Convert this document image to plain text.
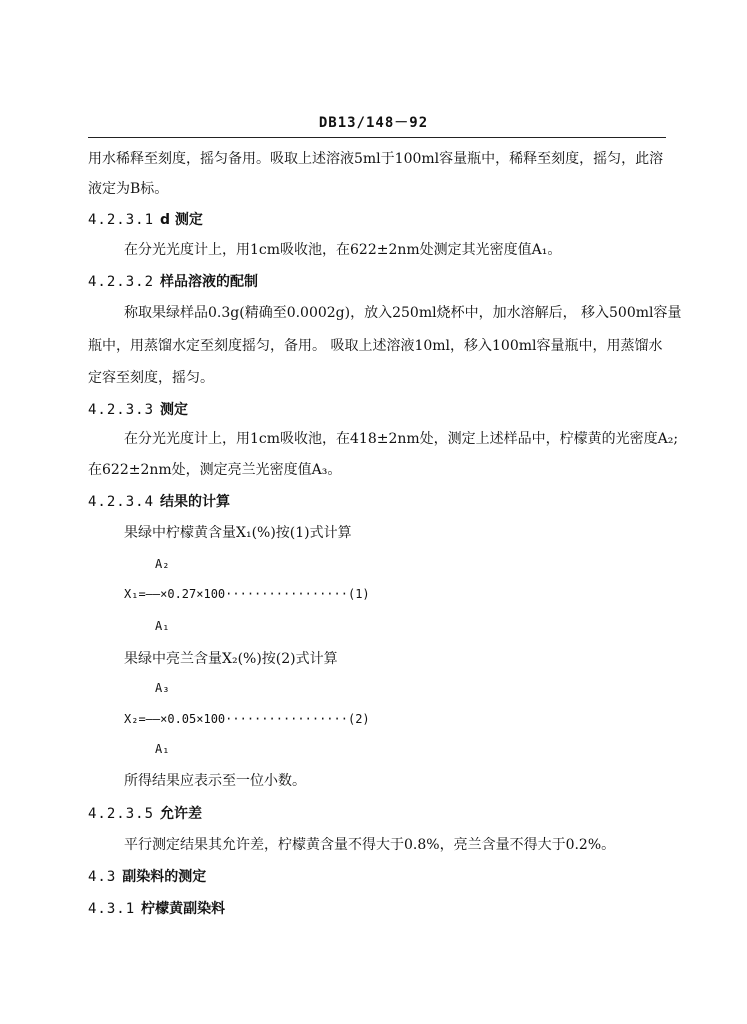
DB13/148－92
用水稀释至刻度，摇匀备用。吸取上述溶液5ml于100ml容量瓶中，稀释至刻度，摇匀，此溶
液定为B标。
4.2.3.1 d 测定
在分光光度计上，用1cm吸收池，在622±2nm处测定其光密度值A₁。
4.2.3.2 样品溶液的配制
称取果绿样品0.3g(精确至0.0002g)，放入250ml烧杯中，加水溶解后， 移入500ml容量
瓶中，用蒸馏水定至刻度摇匀，备用。 吸取上述溶液10ml，移入100ml容量瓶中，用蒸馏水
定容至刻度，摇匀。
4.2.3.3 测定
在分光光度计上，用1cm吸收池，在418±2nm处，测定上述样品中，柠檬黄的光密度A₂;
在622±2nm处，测定亮兰光密度值A₃。
4.2.3.4 结果的计算
果绿中柠檬黄含量X₁(%)按(1)式计算
A₂
X₁=——×0.27×100·················(1)
A₁
果绿中亮兰含量X₂(%)按(2)式计算
A₃
X₂=——×0.05×100·················(2)
A₁
所得结果应表示至一位小数。
4.2.3.5 允许差
平行测定结果其允许差，柠檬黄含量不得大于0.8%，亮兰含量不得大于0.2%。
4.3 副染料的测定
4.3.1 柠檬黄副染料
